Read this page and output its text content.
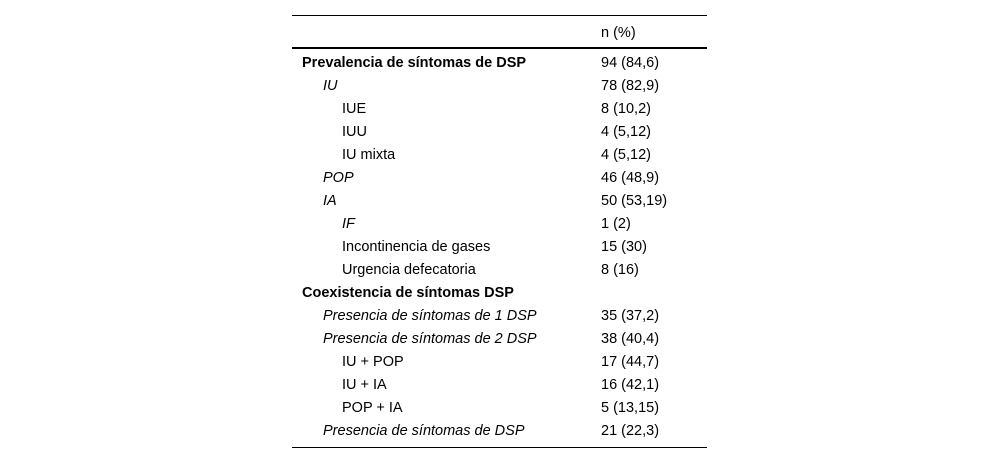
n (%)
Prevalencia de síntomas de DSP	94 (84,6)
IU	78 (82,9)
IUE	8 (10,2)
IUU	4 (5,12)
IU mixta	4 (5,12)
POP	46 (48,9)
IA	50 (53,19)
IF	1 (2)
Incontinencia de gases	15 (30)
Urgencia defecatoria	8 (16)
Coexistencia de síntomas DSP
Presencia de síntomas de 1 DSP	35 (37,2)
Presencia de síntomas de 2 DSP	38 (40,4)
IU + POP	17 (44,7)
IU + IA	16 (42,1)
POP + IA	5 (13,15)
Presencia de síntomas de DSP	21 (22,3)
